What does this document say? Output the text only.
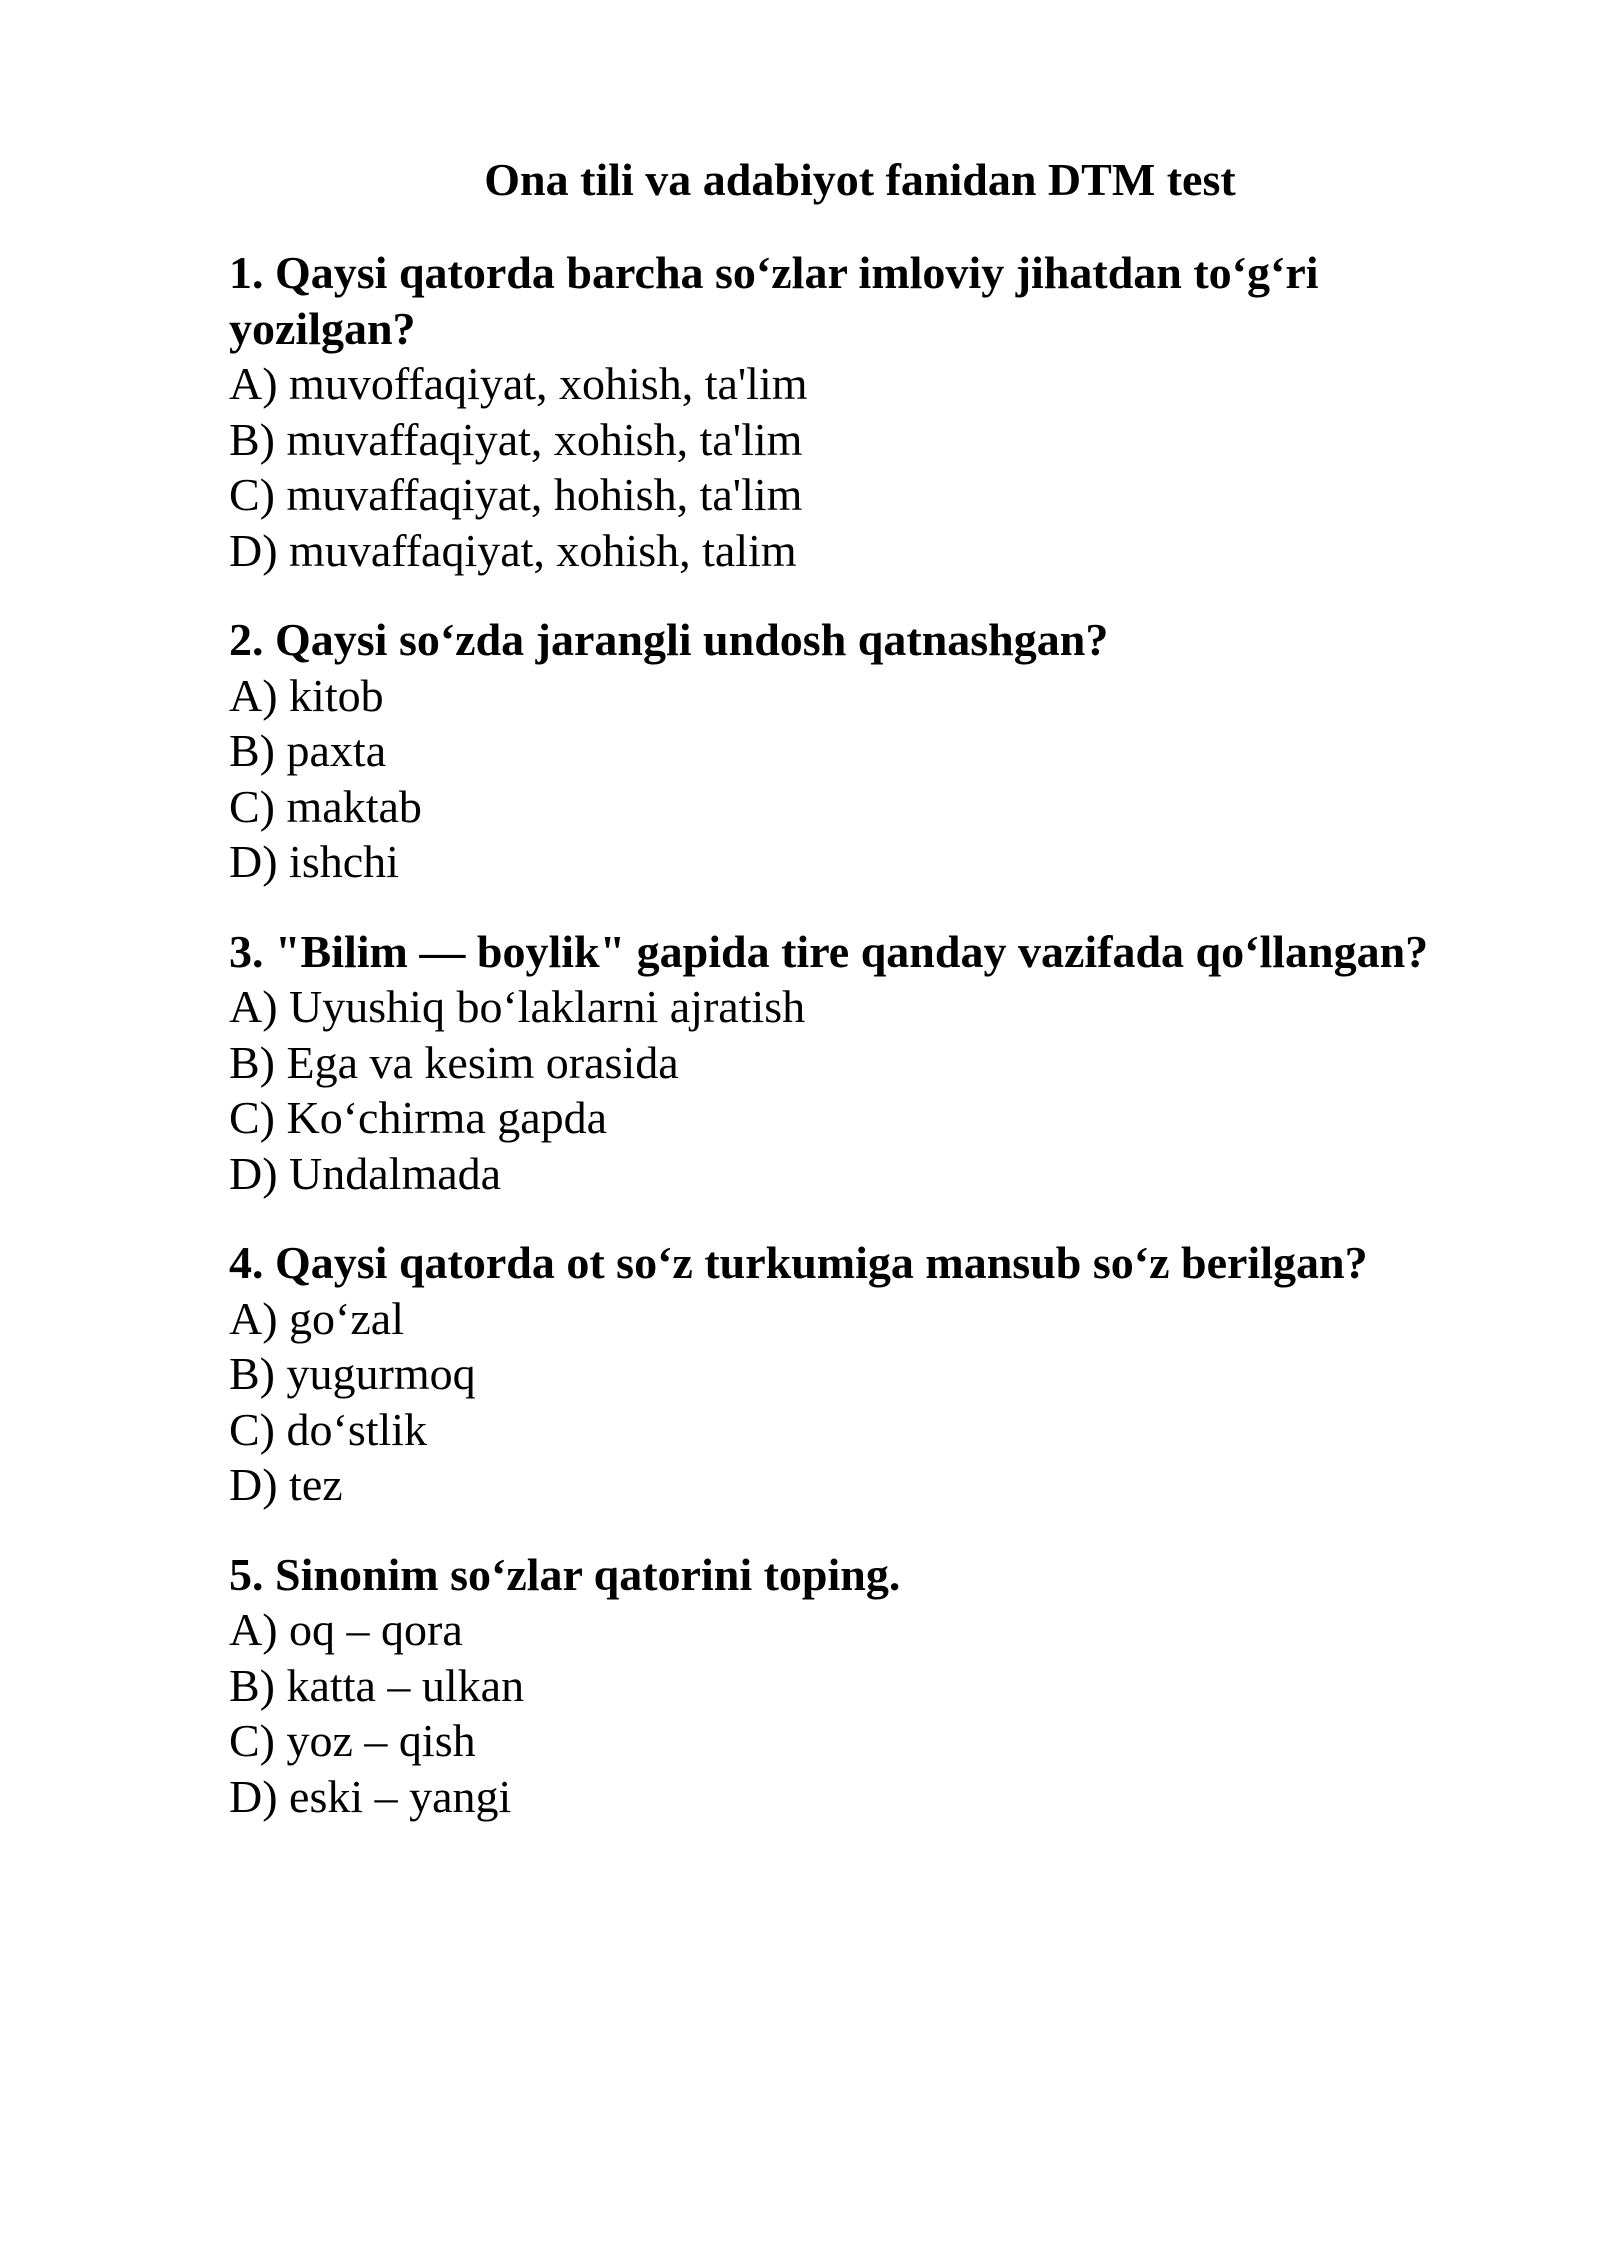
Ona tili va adabiyot fanidan DTM test

1. Qaysi qatorda barcha so‘zlar imloviy jihatdan to‘g‘ri yozilgan?

A) muvoffaqiyat, xohish, ta'lim

B) muvaffaqiyat, xohish, ta'lim

C) muvaffaqiyat, hohish, ta'lim

D) muvaffaqiyat, xohish, talim

2. Qaysi so‘zda jarangli undosh qatnashgan?

A) kitob

B) paxta

C) maktab

D) ishchi

3. "Bilim — boylik" gapida tire qanday vazifada qo‘llangan?

A) Uyushiq bo‘laklarni ajratish

B) Ega va kesim orasida

C) Ko‘chirma gapda

D) Undalmada

4. Qaysi qatorda ot so‘z turkumiga mansub so‘z berilgan?

A) go‘zal

B) yugurmoq

C) do‘stlik

D) tez

5. Sinonim so‘zlar qatorini toping.

A) oq – qora

B) katta – ulkan

C) yoz – qish

D) eski – yangi
